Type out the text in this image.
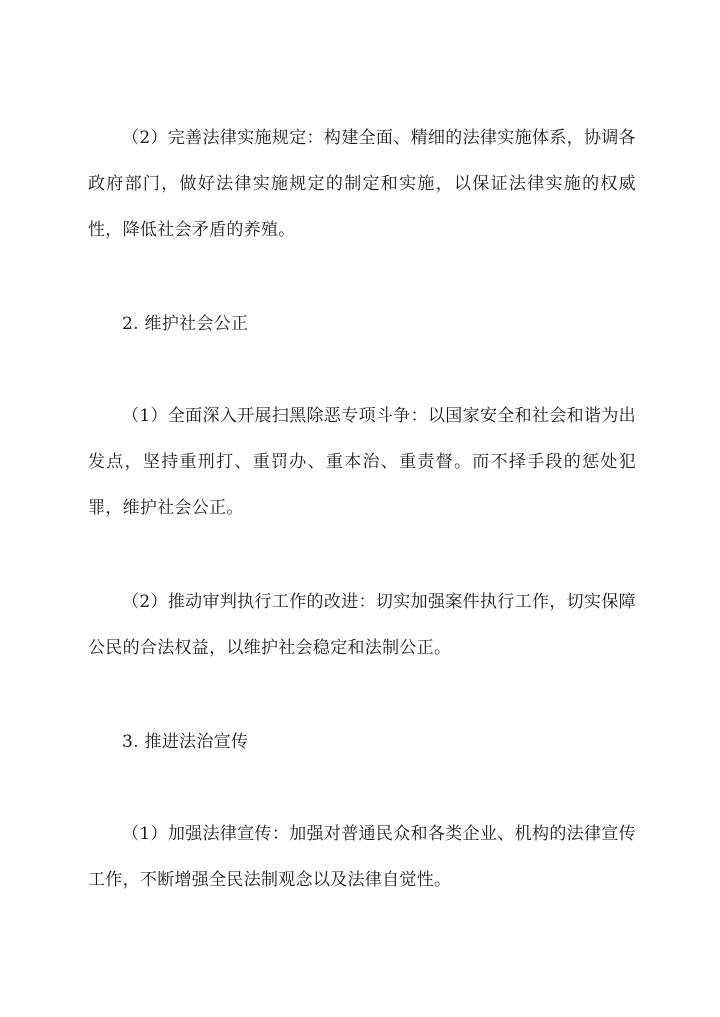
（2）完善法律实施规定：构建全面、精细的法律实施体系，协调各政府部门，做好法律实施规定的制定和实施，以保证法律实施的权威性，降低社会矛盾的养殖。

2. 维护社会公正

（1）全面深入开展扫黑除恶专项斗争：以国家安全和社会和谐为出发点，坚持重刑打、重罚办、重本治、重责督。而不择手段的惩处犯罪，维护社会公正。

（2）推动审判执行工作的改进：切实加强案件执行工作，切实保障公民的合法权益，以维护社会稳定和法制公正。

3. 推进法治宣传

（1）加强法律宣传：加强对普通民众和各类企业、机构的法律宣传工作，不断增强全民法制观念以及法律自觉性。
